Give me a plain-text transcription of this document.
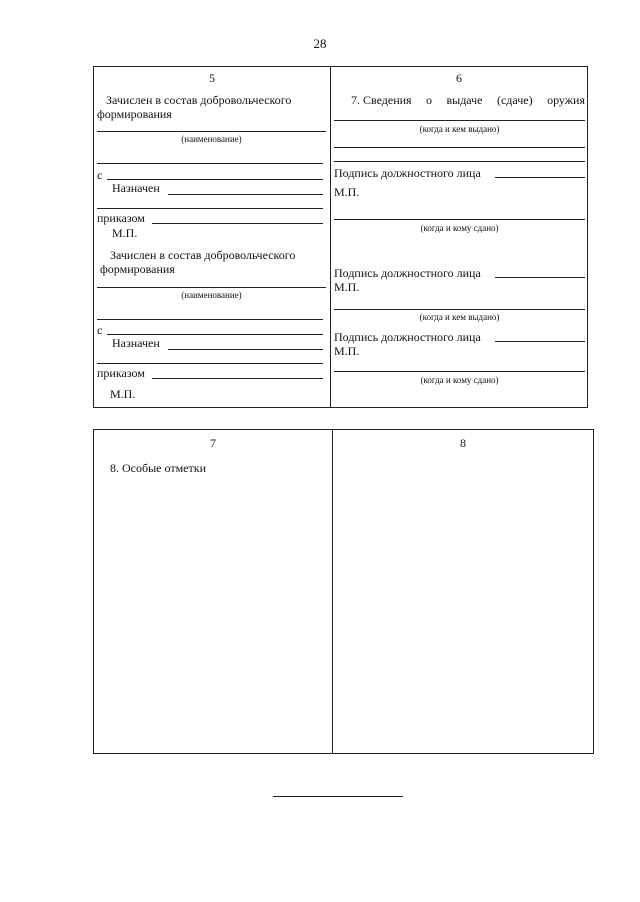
28
5
Зачислен в состав добровольческого
формирования
(наименование)
с
Назначен
приказом
М.П.
Зачислен в состав добровольческого
формирования
(наименование)
с
Назначен
приказом
М.П.
6
7. Сведения о выдаче (сдаче) оружия
(когда и кем выдано)
Подпись должностного лица
М.П.
(когда и кому сдано)
Подпись должностного лица
М.П.
(когда и кем выдано)
Подпись должностного лица
М.П.
(когда и кому сдано)
7
8. Особые отметки
8
